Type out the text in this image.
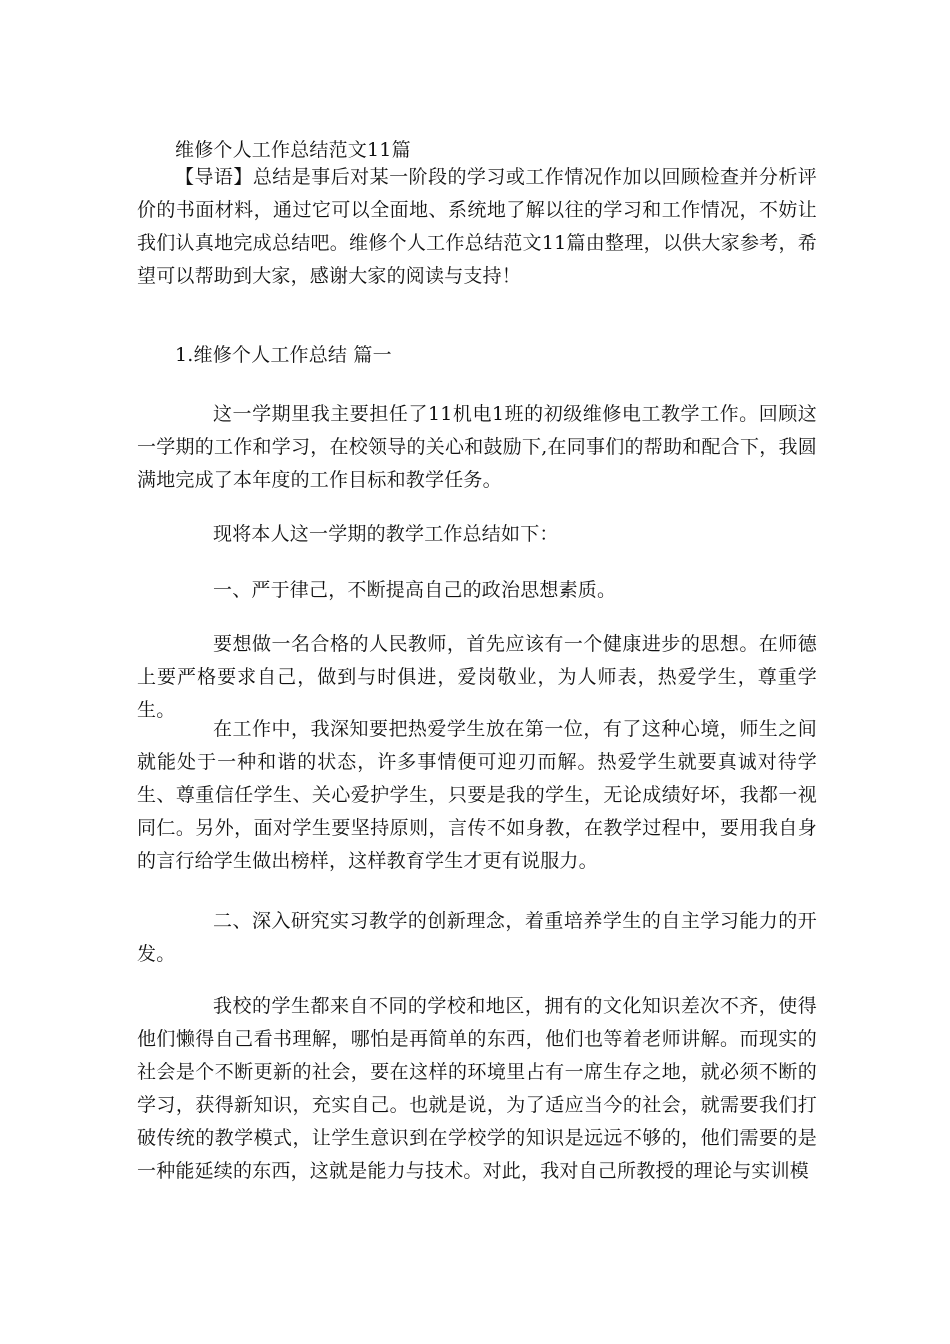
维修个人工作总结范文11篇
【导语】总结是事后对某一阶段的学习或工作情况作加以回顾检查并分析评价的书面材料，通过它可以全面地、系统地了解以往的学习和工作情况，不妨让我们认真地完成总结吧。维修个人工作总结范文11篇由整理，以供大家参考，希望可以帮助到大家，感谢大家的阅读与支持！
1.维修个人工作总结 篇一
这一学期里我主要担任了11机电1班的初级维修电工教学工作。回顾这一学期的工作和学习，在校领导的关心和鼓励下,在同事们的帮助和配合下，我圆满地完成了本年度的工作目标和教学任务。
现将本人这一学期的教学工作总结如下：
一、严于律己，不断提高自己的政治思想素质。
要想做一名合格的人民教师，首先应该有一个健康进步的思想。在师德上要严格要求自己，做到与时俱进，爱岗敬业，为人师表，热爱学生，尊重学生。
在工作中，我深知要把热爱学生放在第一位，有了这种心境，师生之间就能处于一种和谐的状态，许多事情便可迎刃而解。热爱学生就要真诚对待学生、尊重信任学生、关心爱护学生，只要是我的学生，无论成绩好坏，我都一视同仁。另外，面对学生要坚持原则，言传不如身教，在教学过程中，要用我自身的言行给学生做出榜样，这样教育学生才更有说服力。
二、深入研究实习教学的创新理念，着重培养学生的自主学习能力的开发。
我校的学生都来自不同的学校和地区，拥有的文化知识差次不齐，使得他们懒得自己看书理解，哪怕是再简单的东西，他们也等着老师讲解。而现实的社会是个不断更新的社会，要在这样的环境里占有一席生存之地，就必须不断的学习，获得新知识，充实自己。也就是说，为了适应当今的社会，就需要我们打破传统的教学模式，让学生意识到在学校学的知识是远远不够的，他们需要的是一种能延续的东西，这就是能力与技术。对此，我对自己所教授的理论与实训模
